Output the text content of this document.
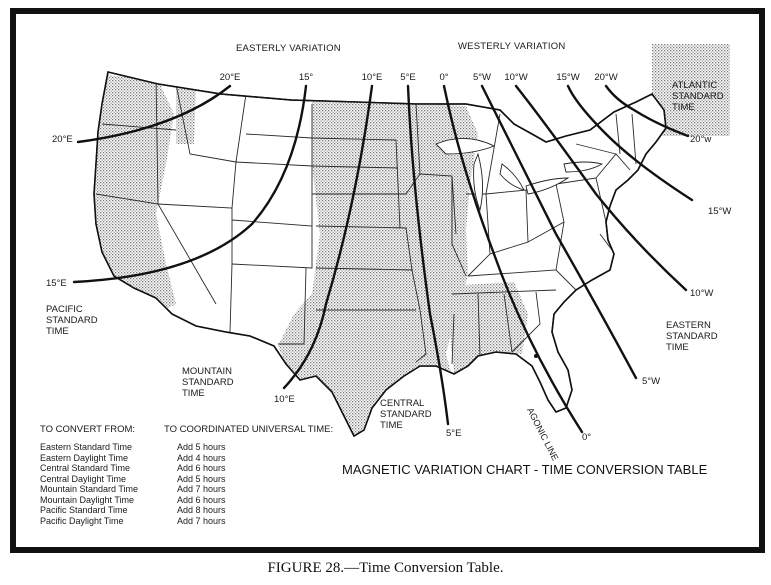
EASTERLY VARIATION	WESTERLY VARIATION
20°E	15°	10°E 5°E 0°	5°W 10°W	15°W 20°W
20°E
15°E
10°E
5°E	0°
5°W
10°W
15°W
20°w
AGONIC LINE
ATLANTIC STANDARD TIME
PACIFIC STANDARD TIME
MOUNTAIN STANDARD TIME
CENTRAL STANDARD TIME
EASTERN STANDARD TIME
MAGNETIC VARIATION CHART - TIME CONVERSION TABLE
TO CONVERT FROM:	TO COORDINATED UNIVERSAL TIME:
Eastern Standard Time	Add 5 hours
Eastern Daylight Time	Add 4 hours
Central Standard Time	Add 6 hours
Central Daylight Time	Add 5 hours
Mountain Standard Time	Add 7 hours
Mountain Daylight Time	Add 6 hours
Pacific Standard Time	Add 8 hours
Pacific Daylight Time	Add 7 hours
FIGURE 28.—Time Conversion Table.
